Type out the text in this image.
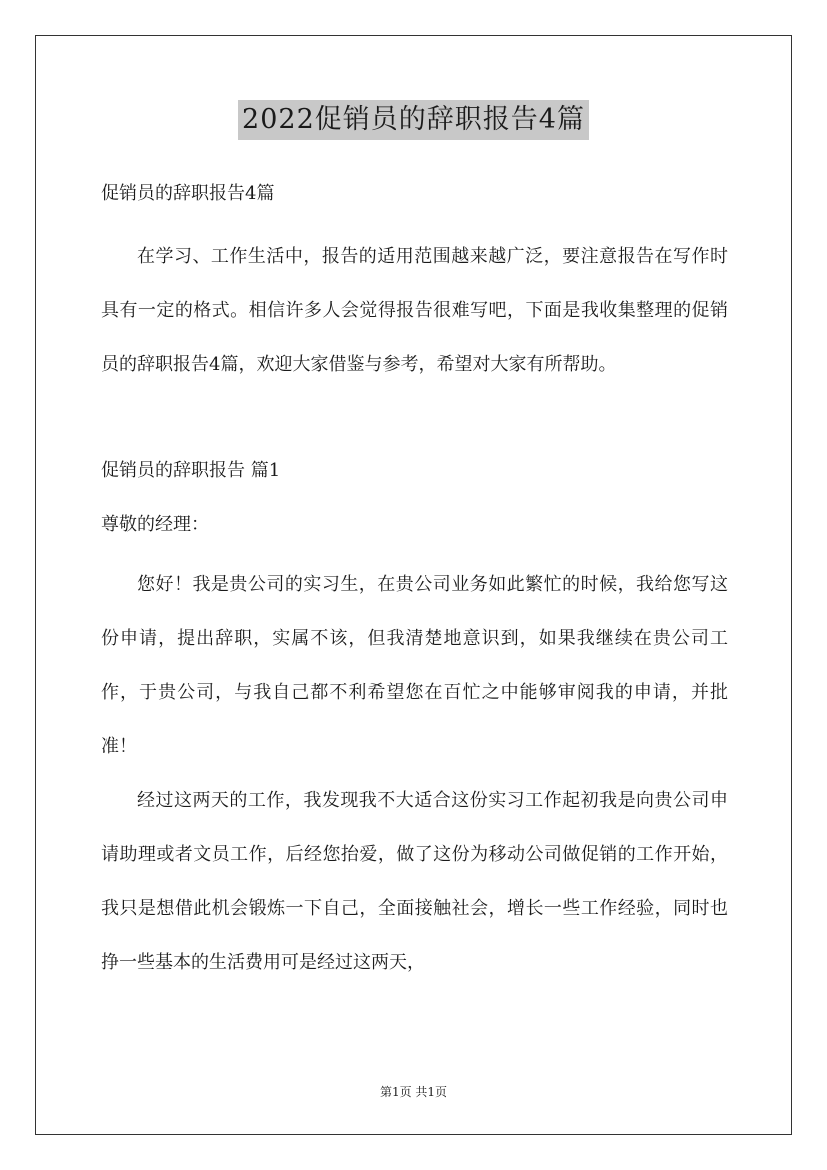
2022促销员的辞职报告4篇

促销员的辞职报告4篇

在学习、工作生活中，报告的适用范围越来越广泛，要注意报告在写作时具有一定的格式。相信许多人会觉得报告很难写吧，下面是我收集整理的促销员的辞职报告4篇，欢迎大家借鉴与参考，希望对大家有所帮助。

促销员的辞职报告 篇1

尊敬的经理：

您好！我是贵公司的实习生，在贵公司业务如此繁忙的时候，我给您写这份申请，提出辞职，实属不该，但我清楚地意识到，如果我继续在贵公司工作，于贵公司，与我自己都不利希望您在百忙之中能够审阅我的申请，并批准！

经过这两天的工作，我发现我不大适合这份实习工作起初我是向贵公司申请助理或者文员工作，后经您抬爱，做了这份为移动公司做促销的工作开始，我只是想借此机会锻炼一下自己，全面接触社会，增长一些工作经验，同时也挣一些基本的生活费用可是经过这两天，

第1页 共1页
